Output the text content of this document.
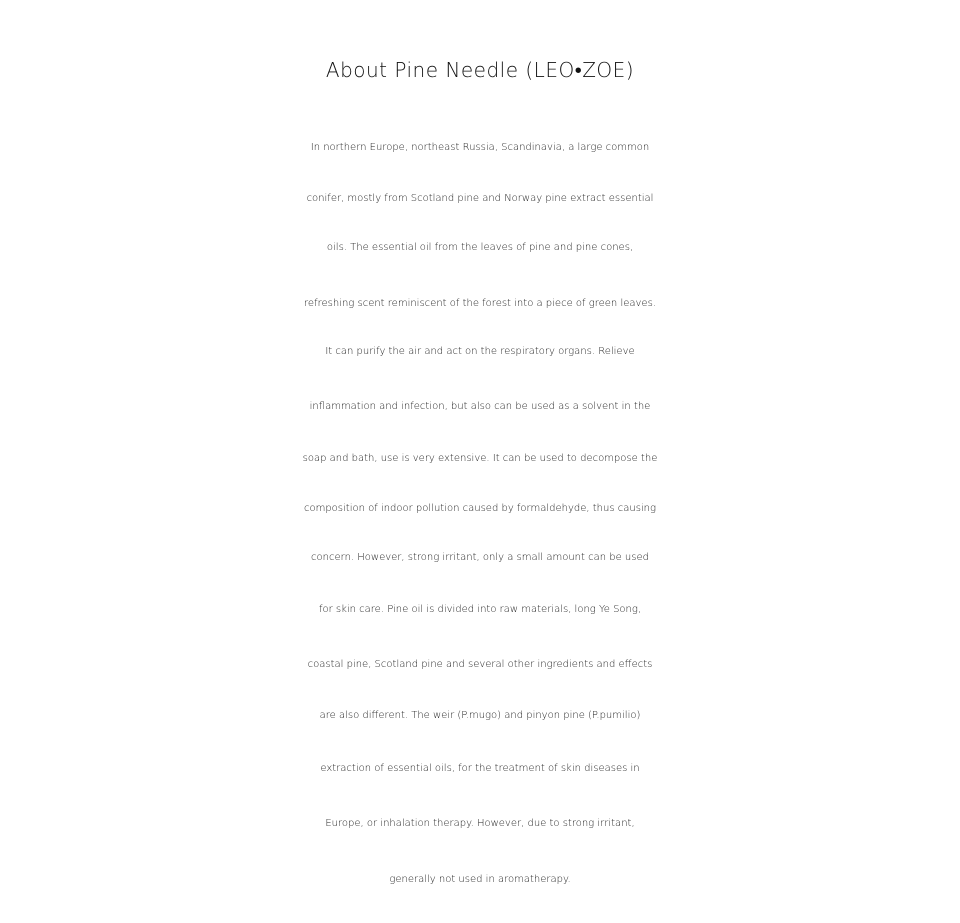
About Pine Needle (LEO•ZOE)
In northern Europe, northeast Russia, Scandinavia, a large common
conifer, mostly from Scotland pine and Norway pine extract essential
oils. The essential oil from the leaves of pine and pine cones,
refreshing scent reminiscent of the forest into a piece of green leaves.
It can purify the air and act on the respiratory organs. Relieve
inflammation and infection, but also can be used as a solvent in the
soap and bath, use is very extensive. It can be used to decompose the
composition of indoor pollution caused by formaldehyde, thus causing
concern. However, strong irritant, only a small amount can be used
for skin care. Pine oil is divided into raw materials, long Ye Song,
coastal pine, Scotland pine and several other ingredients and effects
are also different. The weir (P.mugo) and pinyon pine (P.pumilio)
extraction of essential oils, for the treatment of skin diseases in
Europe, or inhalation therapy. However, due to strong irritant,
generally not used in aromatherapy.
